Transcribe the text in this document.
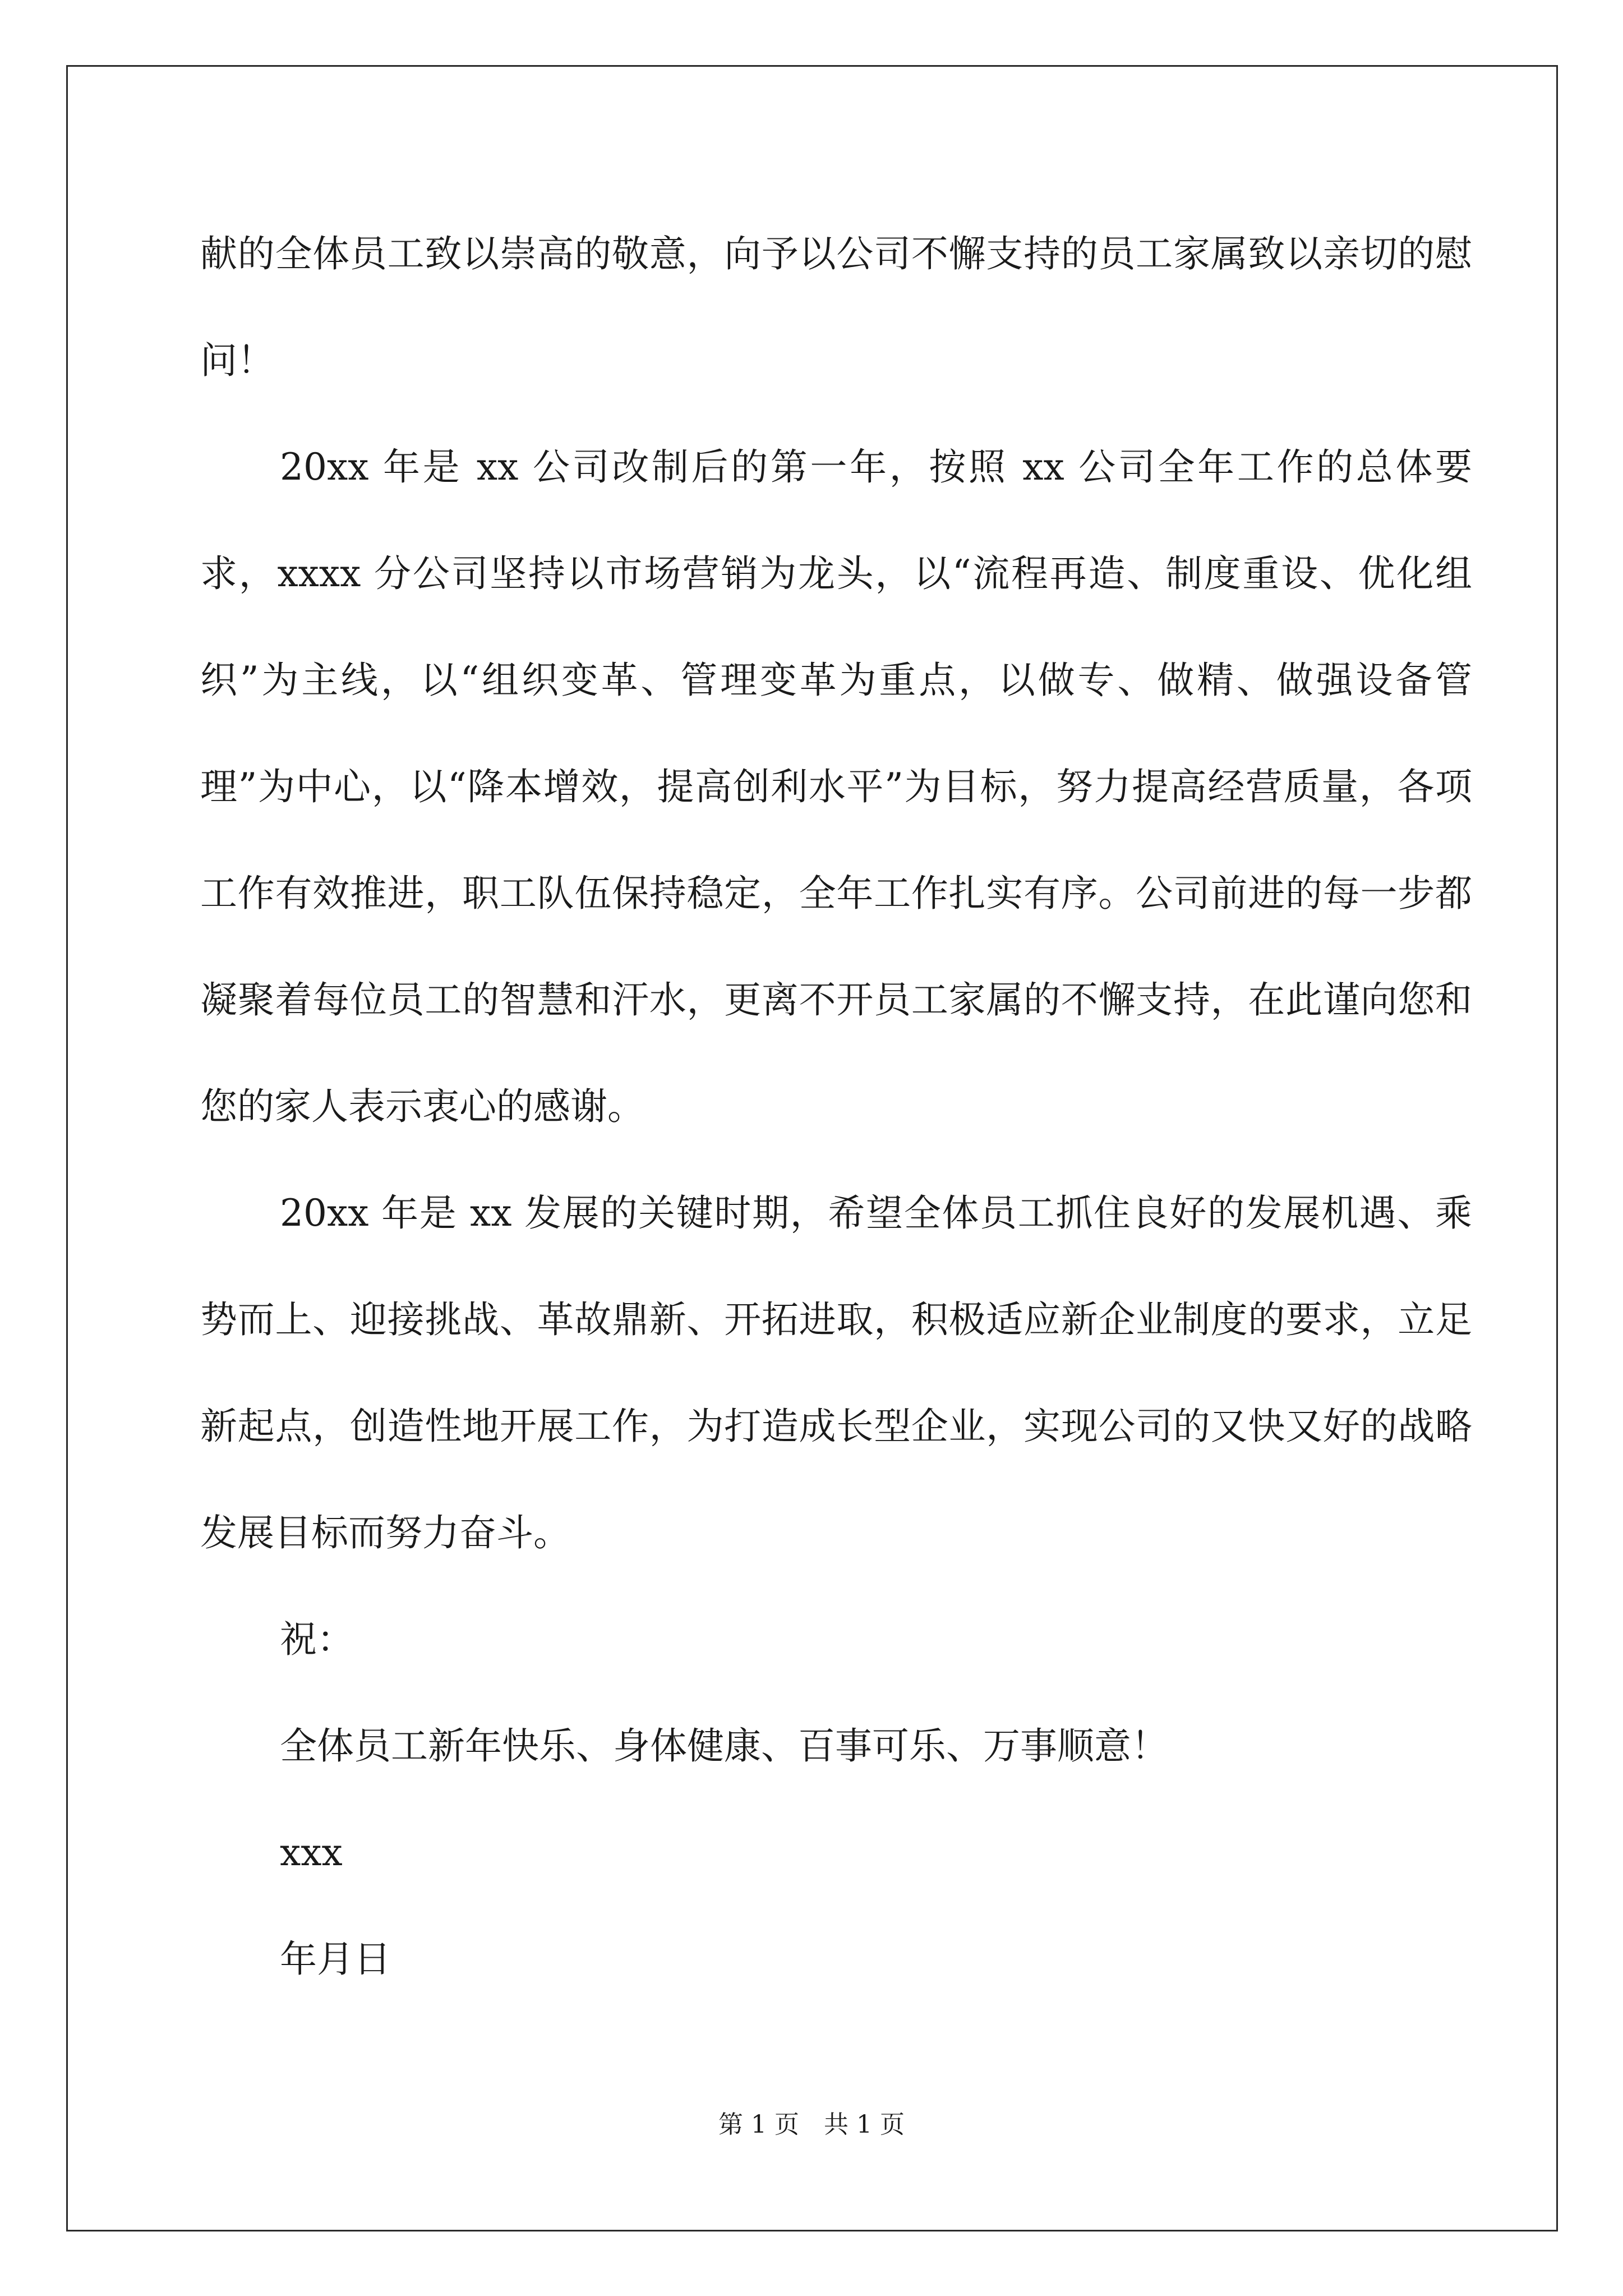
献的全体员工致以崇高的敬意，向予以公司不懈支持的员工家属致以亲切的慰问！

20xx 年是 xx 公司改制后的第一年，按照 xx 公司全年工作的总体要求，xxxx 分公司坚持以市场营销为龙头，以“流程再造、制度重设、优化组织”为主线，以“组织变革、管理变革为重点，以做专、做精、做强设备管理”为中心，以“降本增效，提高创利水平”为目标，努力提高经营质量，各项工作有效推进，职工队伍保持稳定，全年工作扎实有序。公司前进的每一步都凝聚着每位员工的智慧和汗水，更离不开员工家属的不懈支持，在此谨向您和您的家人表示衷心的感谢。

20xx 年是 xx 发展的关键时期，希望全体员工抓住良好的发展机遇、乘势而上、迎接挑战、革故鼎新、开拓进取，积极适应新企业制度的要求，立足新起点，创造性地开展工作，为打造成长型企业，实现公司的又快又好的战略发展目标而努力奋斗。

祝：

全体员工新年快乐、身体健康、百事可乐、万事顺意！

xxx

年月日

第 1 页　共 1 页
